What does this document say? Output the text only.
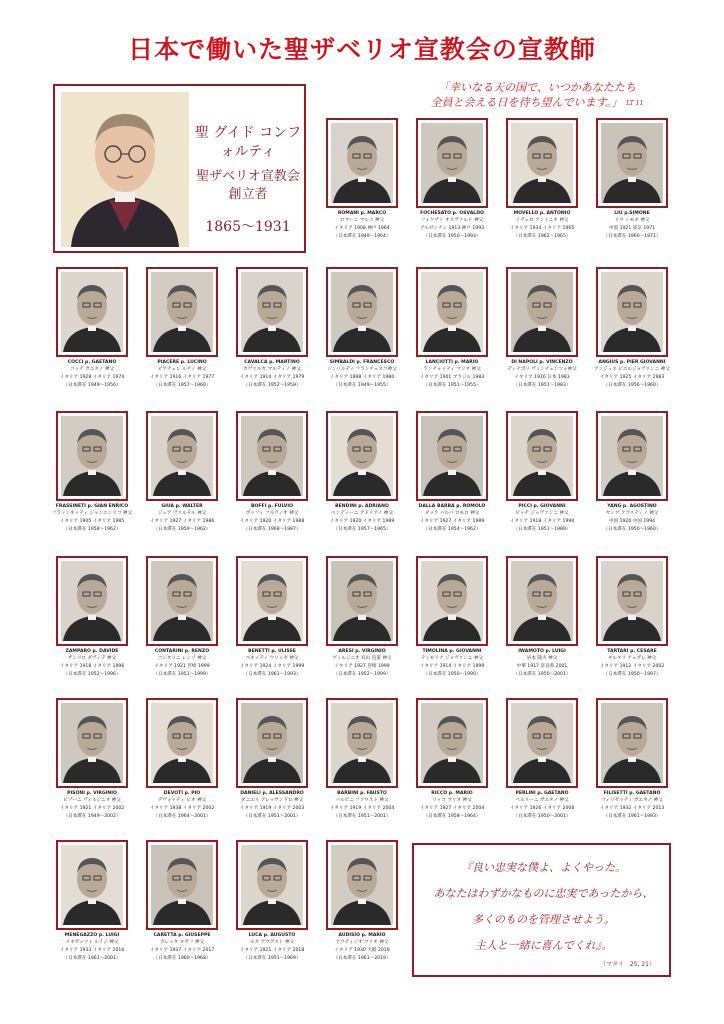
日本で働いた聖ザベリオ宣教会の宣教師
聖 グイド コンフォルティ
聖ザベリオ宣教会 創立者
1865〜1931
「幸いなる天の国で、いつかあなたたち
全員と会える日を待ち望んでいます。」 LT 11
ROMANI p. MARCO
ロマーニ マルコ 神父
イタリア 1908 神戸 1964
（日本滞在 1949〜1964）
FOCHESATO p. OSVALDO
フォケザト オスヴァルド 神父
アルゼンチン 1913 神戸 1993
（日本滞在 1950〜1993）
MOVELLO p. ANTONIO
ノヴェロ アントニオ 神父
イタリア 1934 イタリア 1965
（日本滞在 1962〜1965）
LIU p.SIMONE
リウ シモネ 神父
中国 1921 東京 1971
（日本滞在 1960〜1971）
COCCI p. GAETANO
コッチ ガエタノ 神父
イタリア 1928 イタリア 1974
（日本滞在 1949〜1956）
PIACERE p. LUCINO
ピアチェレ ルチノ 神父
イタリア 1916 イタリア 1977
（日本滞在 1957〜1960）
CAVALCA p. MARTINO
カヴァルカ マルティノ 神父
イタリア 1914 イタリア 1979
（日本滞在 1952〜1959）
SIMBALDI p. FRANCESCO
シンバルディ フランチェスコ神父
イタリア 1898 イタリア 1980
（日本滞在 1949〜1955）
LANCIOTTI p. MARIO
ランチョッティ マリオ 神父
イタリア 1901 ブラジル 1983
（日本滞在 1951〜1955）
DI NAPOLI p. VINCENZO
ディナポリ ヴィンチェンツォ神父
イタリア 1916 日本 1983
（日本滞在 1951〜1983）
ANGIUS p. PIER GIOVANNI
アンジュス ピエルジョヴァンニ 神父
イタリア 1925 イタリア 1983
（日本滞在 1956〜1960）
FRASSINETI p. GIAN ENRICO
フラッシネッティ ジャンエンリコ 神父
イタリア 1905 イタリア 1985
（日本滞在 1958〜1962）
GIUA p. WALTER
ジュア ヴァルテル 神父
イタリア 1927 イタリア 1986
（日本滞在 1959〜1962）
BOFFI p. FULVIO
ボッフィ フルヴィオ 神父
イタリア 1920 イタリア 1988
（日本滞在 1968〜1987）
BENDINI p. ADRIANO
ベンディーニ アドリアノ 神父
イタリア 1920 イタリア 1989
（日本滞在 1957〜1965）
DALLA BARBA p. ROMOLO
ダッラ バルバ ロモロ 神父
イタリア 1927 イタリア 1989
（日本滞在 1954〜1962）
PICCI p. GIOVANNI
ピッチ ジョヴァンニ 神父
イタリア 1918 イタリア 1990
（日本滞在 1951〜1989）
YANG p. AGOSTINO
ヤング アゴスティノ 神父
中国 1920 中国 1994
（日本滞在 1950〜1960）
ZAMPARO p. DAVIDE
ザンパロ ダヴィデ 神父
イタリア 1918 イタリア 1996
（日本滞在 1952〜1996）
CONTARINI p. RENZO
コンタリニ レンゾ 神父
イタリア 1921 宮崎 1999
（日本滞在 1951〜1999）
BENETTI p. ULISSE
ベネッティ ウリッセ 神父
イタリア 1924 イタリア 1999
（日本滞在 1961〜1993）
ARESI p. VIRGINIO
ヴィルジニオ 有山 直道 神父
イタリア 1927 宮崎 1999
（日本滞在 1952〜1999）
TIMOLINA p. GIOVANNI
ティモリナ ジョヴァンニ 神父
イタリア 1914 イタリア 1999
（日本滞在 1950〜1990）
IWAMOTO p. LUIGI
岩本 隆夫 神父
中華 1917 奈良県 2001
（日本滞在 1950〜2001）
TARTARI p. CESARE
タルタリ チェザレ 神父
イタリア 1912 イタリア 2002
（日本滞在 1950〜1997）
PISONI p. VIRGINIO
ピゾーニ ヴィルジニオ 神父
イタリア 1921 イタリア 2002
（日本滞在 1949〜2002）
DEVOTI p. PIO
デヴォッティ ピオ 神父
イタリア 1938 イタリア 2002
（日本滞在 1964〜2001）
DANIELI p. ALESSANDRO
ダニエリ アレッサンドロ 神父
イタリア 1919 イタリア 2003
（日本滞在 1951〜2001）
BARBINI p. FAUSTO
バルビニ ファウスト 神父
イタリア 1919 イタリア 2004
（日本滞在 1951〜2001）
RICCO p. MARIO
リッコ マリオ 神父
イタリア 1927 イタリア 2004
（日本滞在 1958〜1964）
PERLINI p. GAETANO
ペルリーニ ガエタノ 神父
イタリア 1926 イタリア 2008
（日本滞在 1950〜2001）
FILISETTI p. GAETANO
フィリゼッティ ガエタノ 神父
イタリア 1932 イタリア 2013
（日本滞在 1961〜1993）
MENEGAZZO p. LUIGI
メネガッツォ ルイジ 神父
イタリア 1933 イタリア 2016
（日本滞在 1961〜2001）
CARETTA p. GIUSEPPE
カレッタ ヨゼフ 神父
イタリア 1937 イタリア 2017
（日本滞在 1960〜1968）
LUCA p. AUGUSTO
ルカ アウグスト 神父
イタリア 1921 イタリア 2018
（日本滞在 1951〜1969）
AUDISIO p. MARIO
アウディジオ マリオ 神父
イタリア 1930 大阪 2019
（日本滞在 1961〜2019）
『良い忠実な僕よ、よくやった。
あなたはわずかなものに忠実であったから、
多くのものを管理させよう。
主人と一緒に喜んでくれ』。
（マタイ　25, 21）
